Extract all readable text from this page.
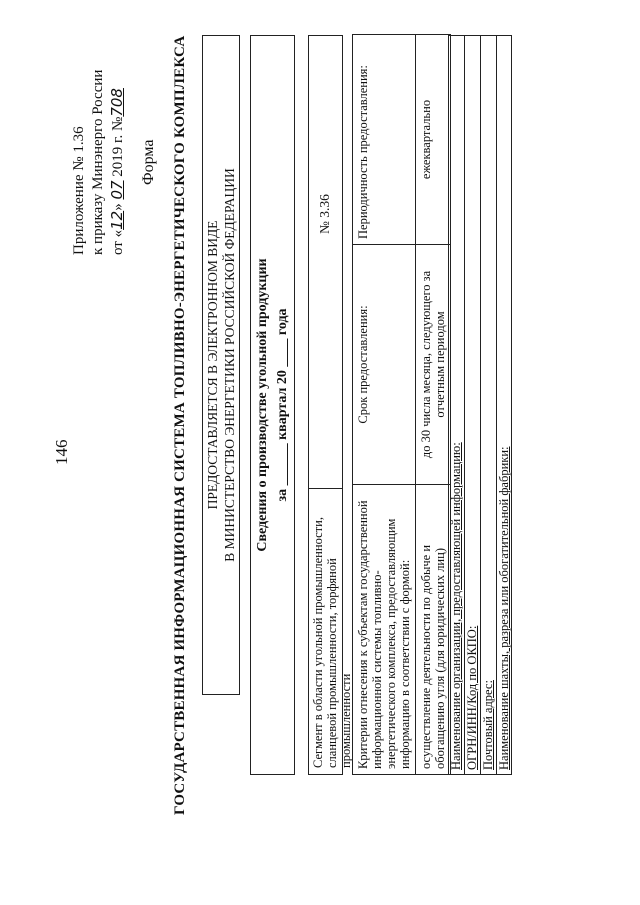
146
Приложение № 1.36 к приказу Минэнерго России от «12» 07 2019 г. №708
Форма ГОСУДАРСТВЕННАЯ ИНФОРМАЦИОННАЯ СИСТЕМА ТОПЛИВНО-ЭНЕРГЕТИЧЕСКОГО КОМПЛЕКСА ПРЕДОСТАВЛЯЕТСЯ В ЭЛЕКТРОННОМ ВИДЕ В МИНИСТЕРСТВО ЭНЕРГЕТИКИ РОССИЙСКОЙ ФЕДЕРАЦИИ Сведения о производстве угольной продукции за ______ квартал 20 ____ года
Сегмент в области угольной промышленности, сланцевой промышленности, торфяной промышленности
№ 3.36
Критерии отнесения к субъектам государственной информационной системы топливно-энергетического комплекса, предоставляющим информацию в соответствии с формой:	Срок предоставления:	Периодичность предоставления:
осуществление деятельности по добыче и обогащению угля (для юридических лиц)	до 30 числа месяца, следующего за отчетным периодом	ежеквартально
Наименование организации, предоставляющей информацию: ОГРН/ИНН/Код по ОКПО: Почтовый адрес: Наименование шахты, разреза или обогатительной фабрики:
